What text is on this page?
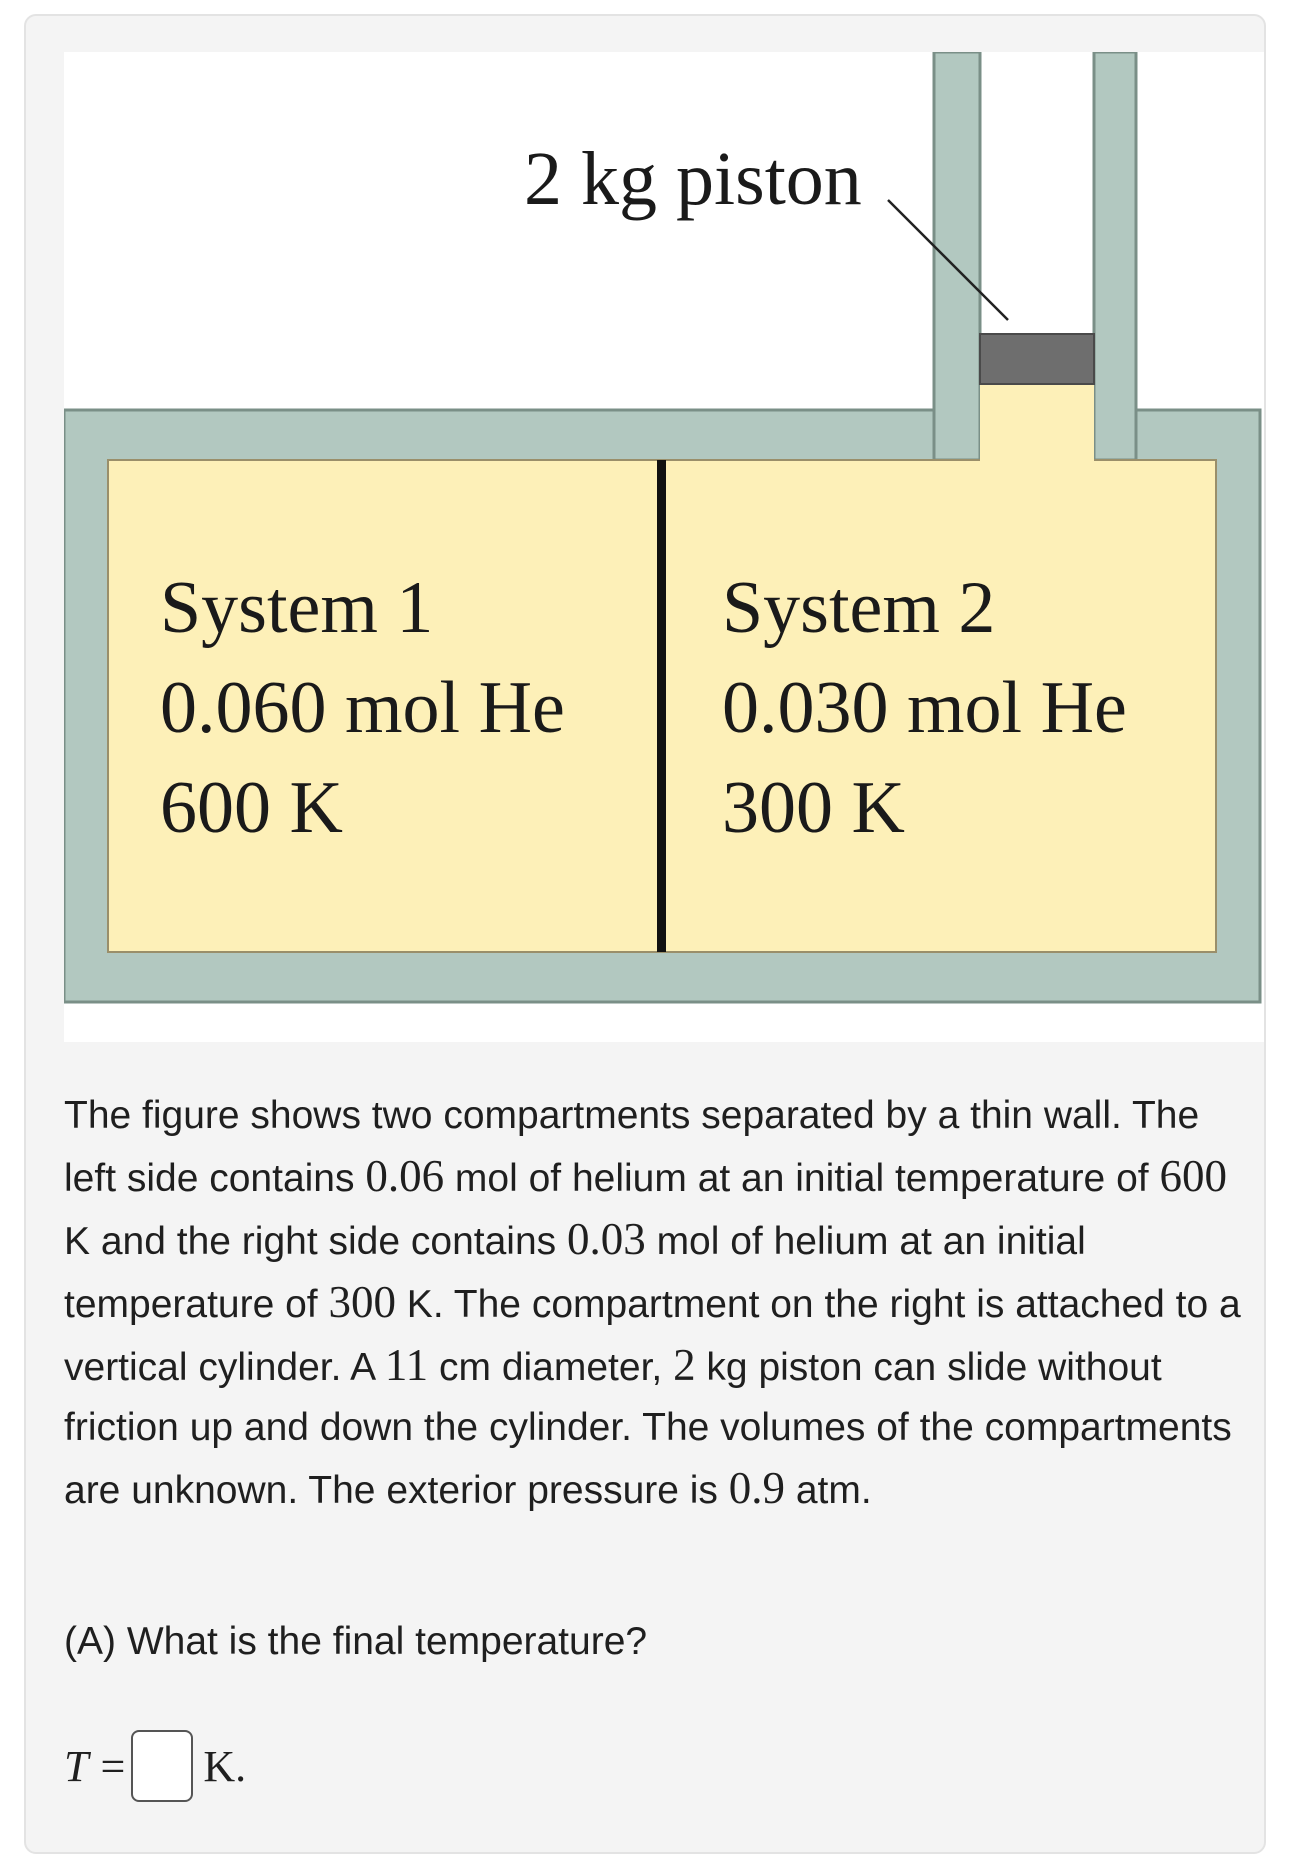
2 kg piston
System 1
0.060 mol He
600 K
System 2
0.030 mol He
300 K

The figure shows two compartments separated by a thin wall. The left side contains 0.06 mol of helium at an initial temperature of 600 K and the right side contains 0.03 mol of helium at an initial temperature of 300 K. The compartment on the right is attached to a vertical cylinder. A 11 cm diameter, 2 kg piston can slide without friction up and down the cylinder. The volumes of the compartments are unknown. The exterior pressure is 0.9 atm.

(A) What is the final temperature?

T = K.
